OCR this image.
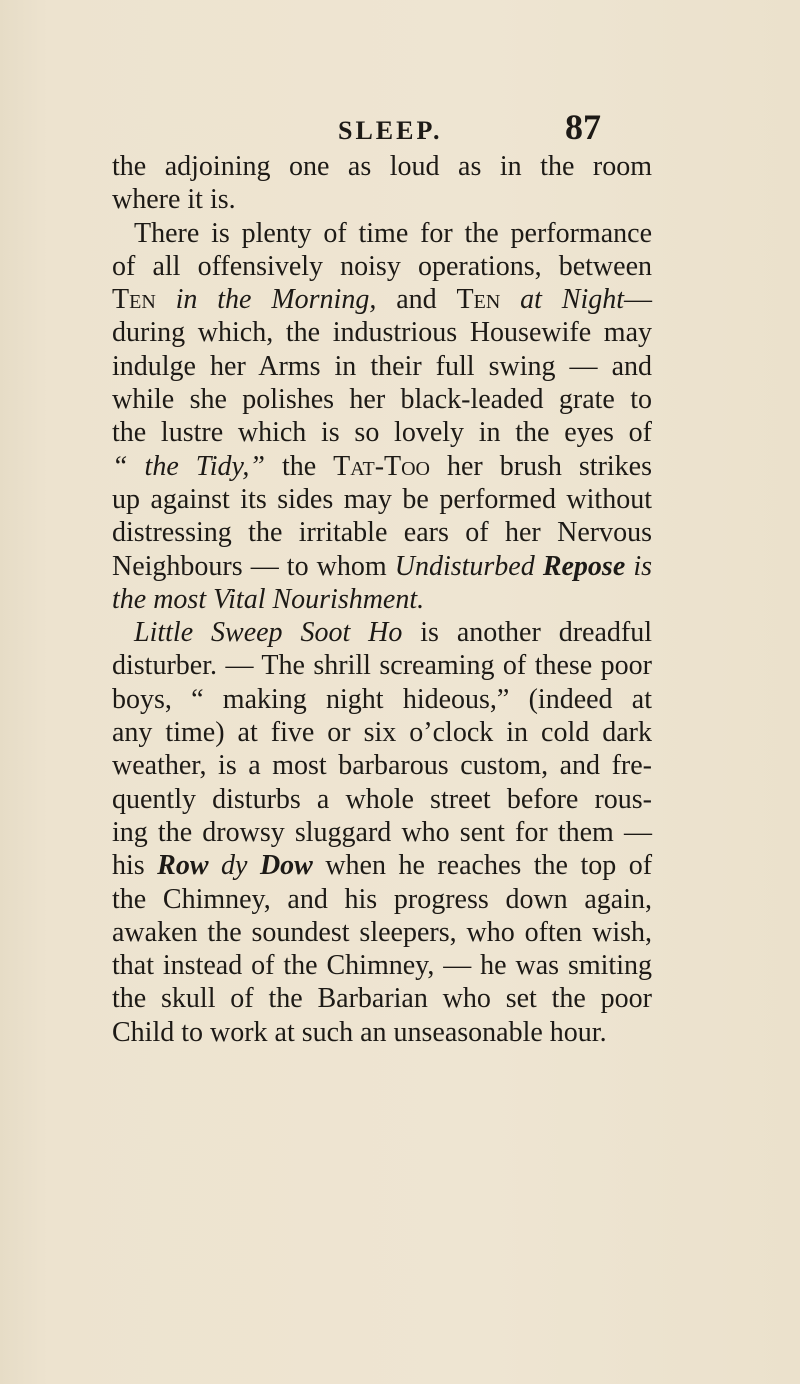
SLEEP.	87
the adjoining one as loud as in the room
where it is.
There is plenty of time for the performance
of all offensively noisy operations, between
Ten in the Morning, and Ten at Night—
during which, the industrious Housewife may
indulge her Arms in their full swing — and
while she polishes her black-leaded grate to
the lustre which is so lovely in the eyes of
“ the Tidy,” the Tat-Too her brush strikes
up against its sides may be performed without
distressing the irritable ears of her Nervous
Neighbours — to whom Undisturbed Repose is
the most Vital Nourishment.
Little Sweep Soot Ho is another dreadful
disturber. — The shrill screaming of these poor
boys, “ making night hideous,” (indeed at
any time) at five or six o’clock in cold dark
weather, is a most barbarous custom, and fre-
quently disturbs a whole street before rous-
ing the drowsy sluggard who sent for them —
his Row dy Dow when he reaches the top of
the Chimney, and his progress down again,
awaken the soundest sleepers, who often wish,
that instead of the Chimney, — he was smiting
the skull of the Barbarian who set the poor
Child to work at such an unseasonable hour.
